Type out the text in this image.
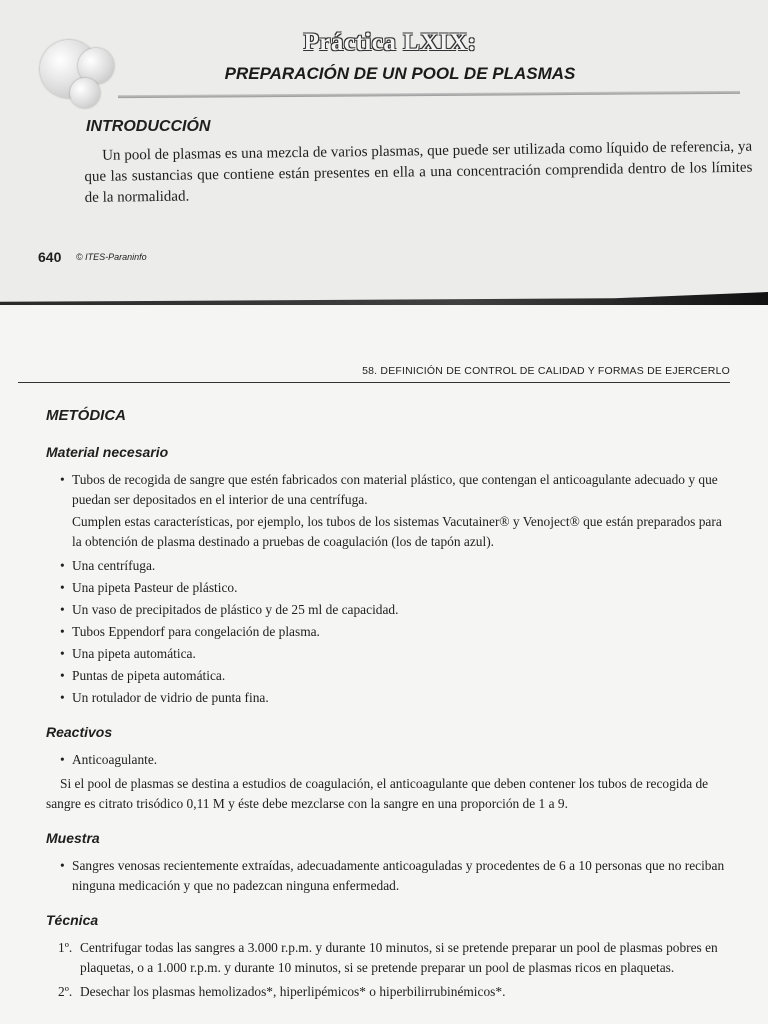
Práctica LXIX:
PREPARACIÓN DE UN POOL DE PLASMAS
INTRODUCCIÓN

Un pool de plasmas es una mezcla de varios plasmas, que puede ser utilizada como líquido de referencia, ya que las sustancias que contiene están presentes en ella a una concentración comprendida dentro de los límites de la normalidad.

640 © ITES-Paraninfo
58. DEFINICIÓN DE CONTROL DE CALIDAD Y FORMAS DE EJERCERLO
METÓDICA
Material necesario
• Tubos de recogida de sangre que estén fabricados con material plástico, que contengan el anticoagulante adecuado y que puedan ser depositados en el interior de una centrífuga.

Cumplen estas características, por ejemplo, los tubos de los sistemas Vacutainer® y Venoject® que están preparados para la obtención de plasma destinado a pruebas de coagulación (los de tapón azul).

• Una centrífuga.
• Una pipeta Pasteur de plástico.
• Un vaso de precipitados de plástico y de 25 ml de capacidad.
• Tubos Eppendorf para congelación de plasma.
• Una pipeta automática.
• Puntas de pipeta automática.
• Un rotulador de vidrio de punta fina.
Reactivos
• Anticoagulante.

Si el pool de plasmas se destina a estudios de coagulación, el anticoagulante que deben contener los tubos de recogida de sangre es citrato trisódico 0,11 M y éste debe mezclarse con la sangre en una proporción de 1 a 9.

Muestra
• Sangres venosas recientemente extraídas, adecuadamente anticoaguladas y procedentes de 6 a 10 personas que no reciban ninguna medicación y que no padezcan ninguna enfermedad.
Técnica
1º. Centrifugar todas las sangres a 3.000 r.p.m. y durante 10 minutos, si se pretende preparar un pool de plasmas pobres en plaquetas, o a 1.000 r.p.m. y durante 10 minutos, si se pretende preparar un pool de plasmas ricos en plaquetas.
2º. Desechar los plasmas hemolizados*, hiperlipémicos* o hiperbilirrubinémicos*.
